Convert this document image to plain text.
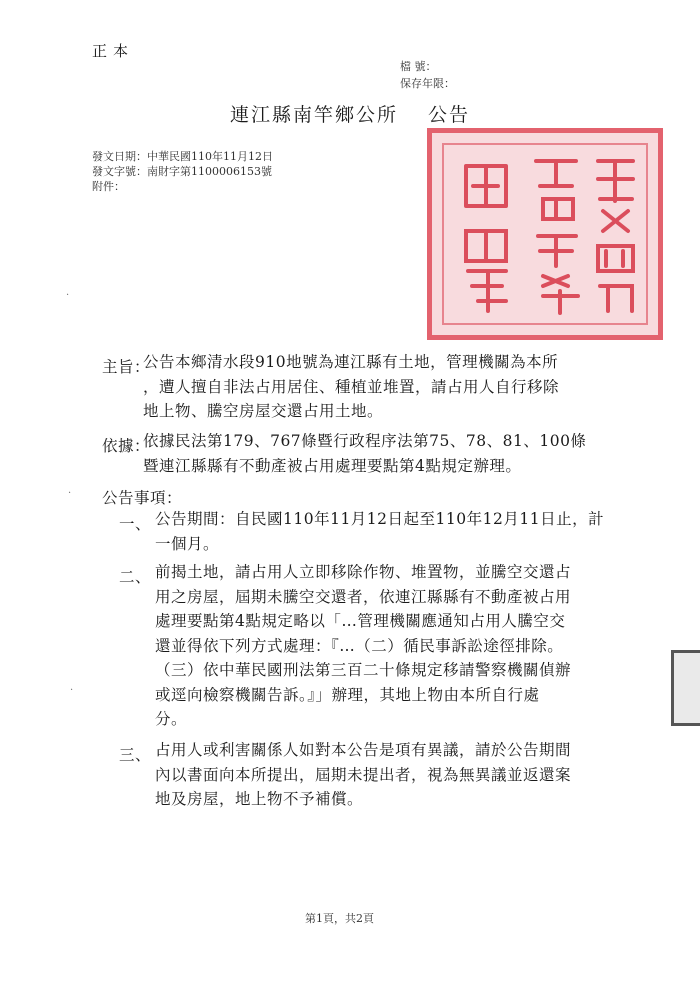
正本
檔 號：
保存年限：
連江縣南竿鄉公所 公告
發文日期：中華民國110年11月12日
發文字號：南財字第1100006153號
附件：
·
·
·
主旨：
公告本鄉清水段910地號為連江縣有土地，管理機關為本所
，遭人擅自非法占用居住、種植並堆置，請占用人自行移除
地上物、騰空房屋交還占用土地。
依據：
依據民法第179、767條暨行政程序法第75、78、81、100條
暨連江縣縣有不動產被占用處理要點第4點規定辦理。
公告事項：
一、 公告期間：自民國110年11月12日起至110年12月11日止，計
一個月。
二、 前揭土地，請占用人立即移除作物、堆置物，並騰空交還占
用之房屋，屆期未騰空交還者，依連江縣縣有不動產被占用
處理要點第4點規定略以「…管理機關應通知占用人騰空交
還並得依下列方式處理：『…（二）循民事訴訟途徑排除。
（三）依中華民國刑法第三百二十條規定移請警察機關偵辦
或逕向檢察機關告訴。』」辦理，其地上物由本所自行處
分。
三、 占用人或利害關係人如對本公告是項有異議，請於公告期間
內以書面向本所提出，屆期未提出者，視為無異議並返還案
地及房屋，地上物不予補償。
第1頁，共2頁
